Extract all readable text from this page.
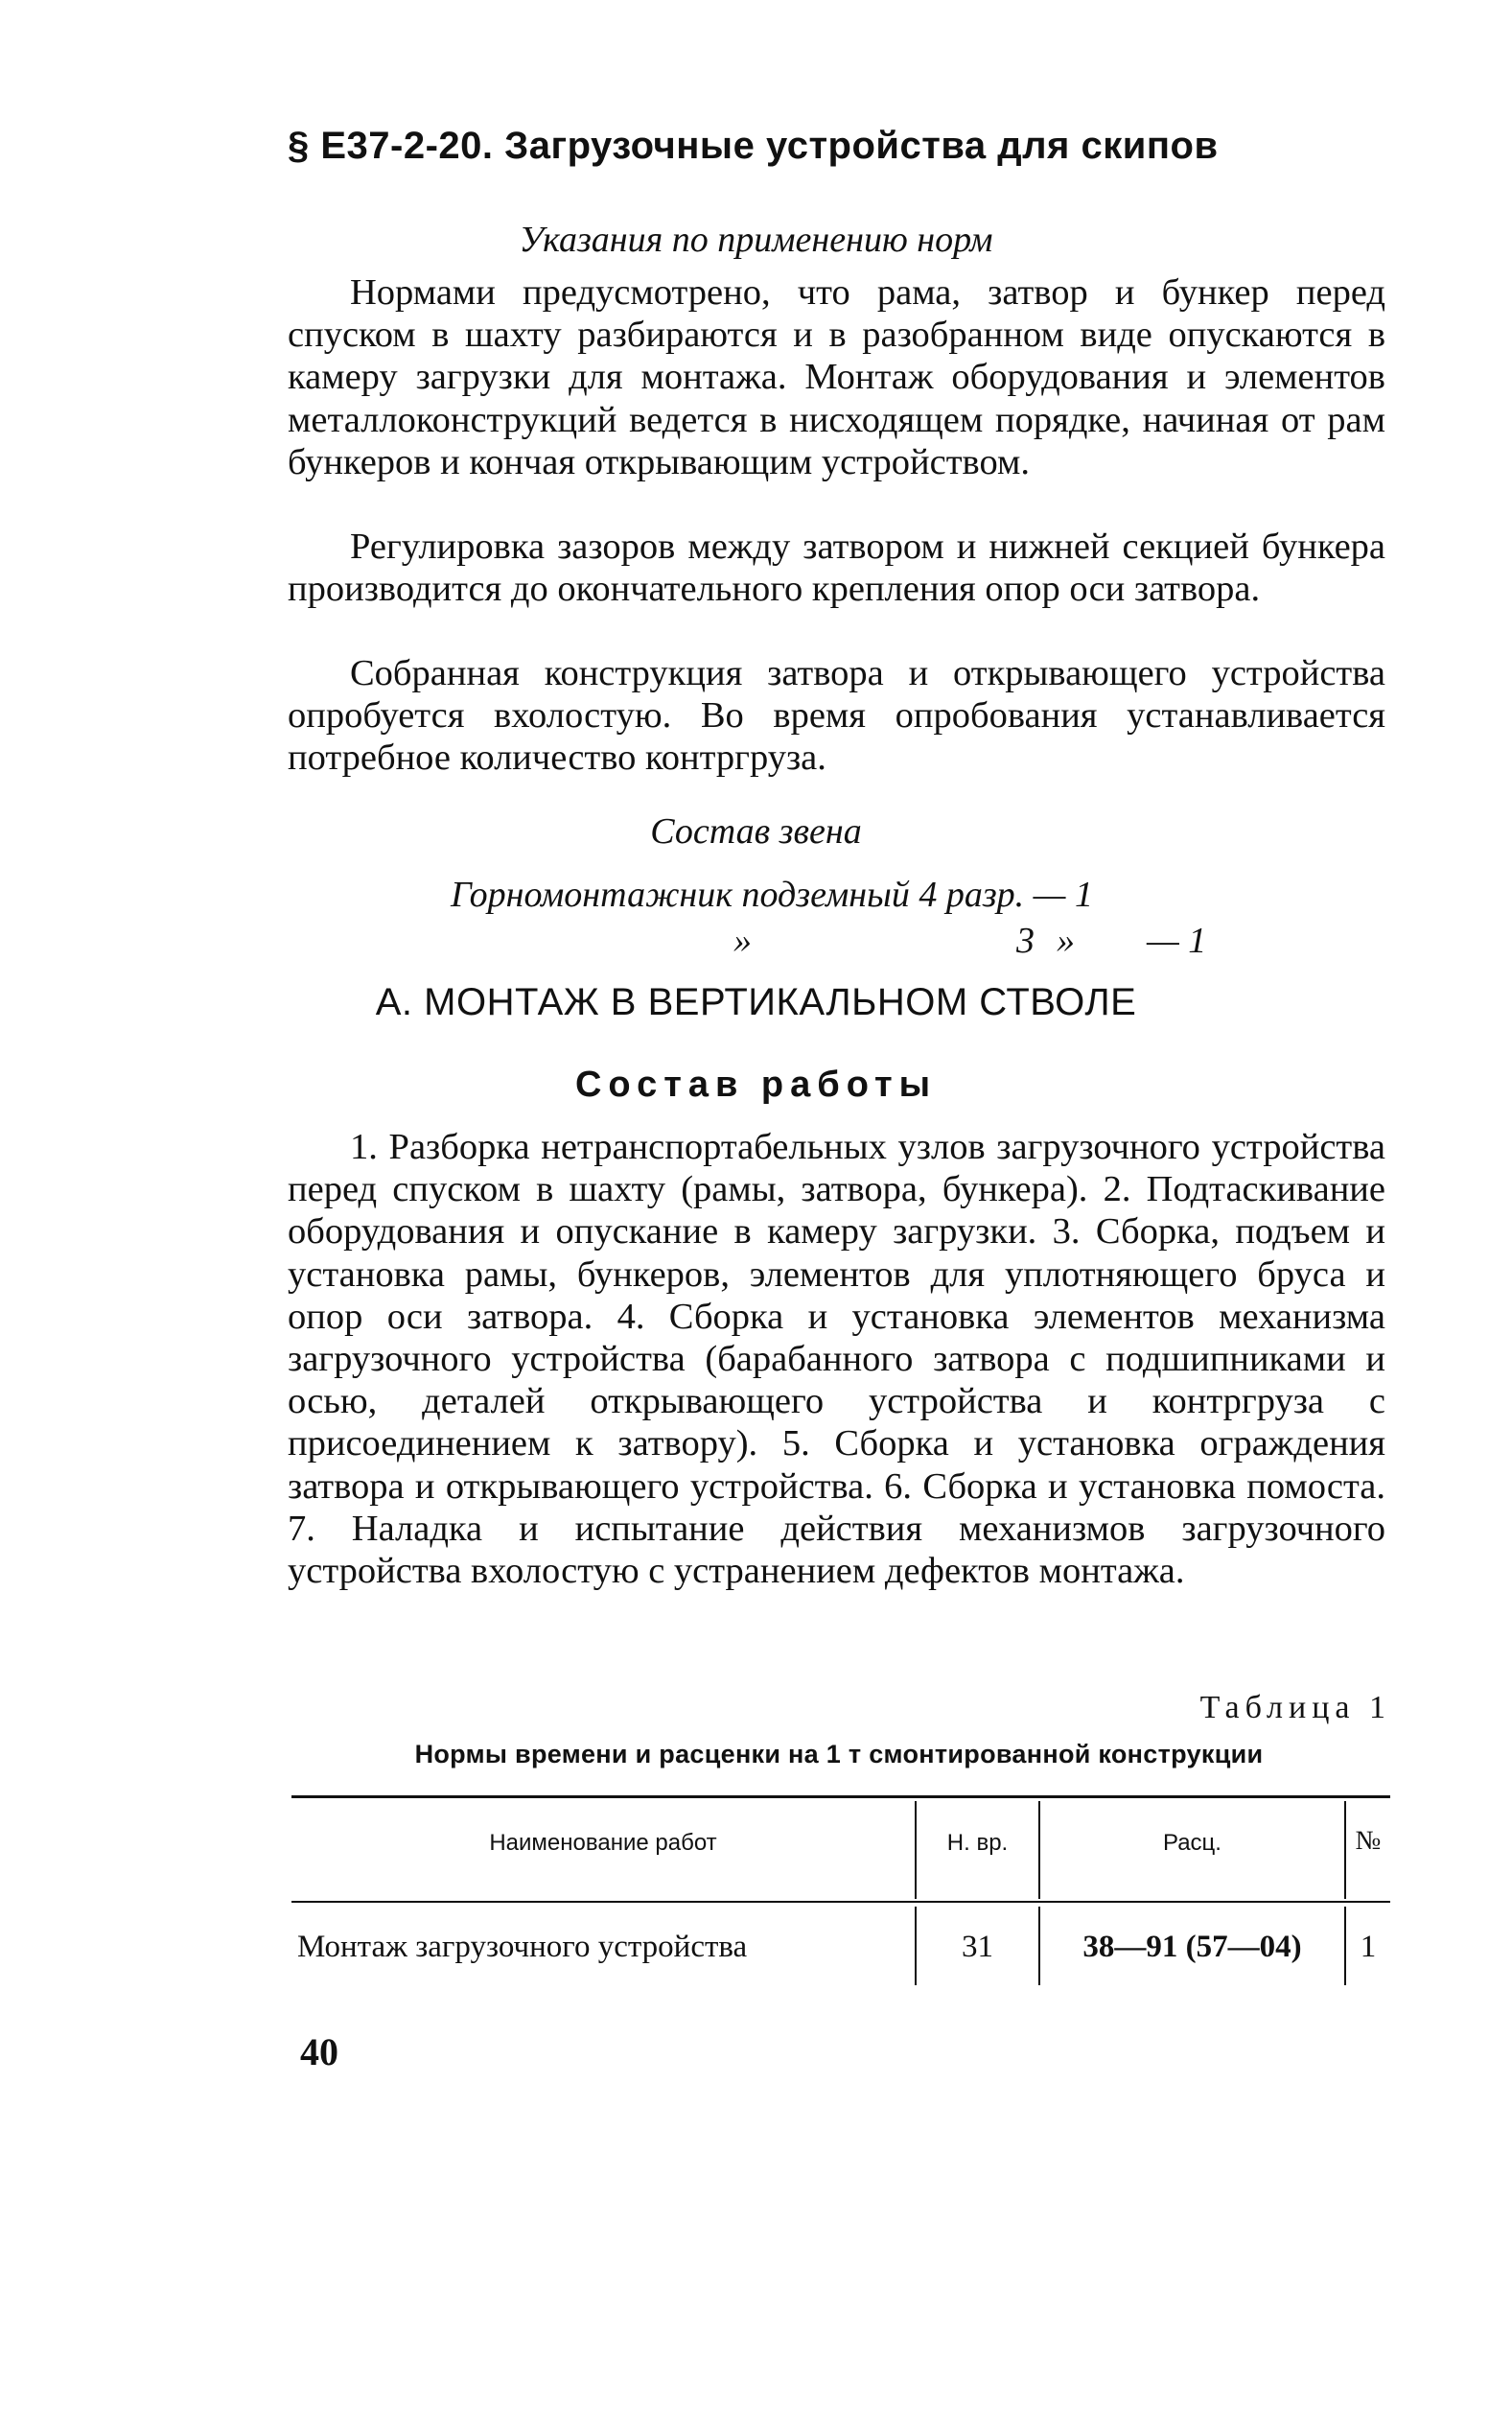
§ Е37-2-20. Загрузочные устройства для скипов
Указания по применению норм
Нормами предусмотрено, что рама, затвор и бункер перед спуском в шахту разбираются и в разобранном виде опускаются в камеру загрузки для монтажа. Монтаж оборудования и элементов металлоконструкций ведется в нисходящем порядке, начиная от рам бункеров и кончая открывающим устройством.
Регулировка зазоров между затвором и нижней секцией бункера производится до окончательного крепления опор оси затвора.
Собранная конструкция затвора и открывающего устройства опробуется вхолостую. Во время опробования устанавливается потребное количество контргруза.
Состав звена
Горномонтажник подземный 4 разр. — 1
»	3 » — 1
А. МОНТАЖ В ВЕРТИКАЛЬНОМ СТВОЛЕ
Состав работы
1. Разборка нетранспортабельных узлов загрузочного устройства перед спуском в шахту (рамы, затвора, бункера). 2. Подтаскивание оборудования и опускание в камеру загрузки. 3. Сборка, подъем и установка рамы, бункеров, элементов для уплотняющего бруса и опор оси затвора. 4. Сборка и установка элементов механизма загрузочного устройства (барабанного затвора с подшипниками и осью, деталей открывающего устройства и контргруза с присоединением к затвору). 5. Сборка и установка ограждения затвора и открывающего устройства. 6. Сборка и установка помоста. 7. Наладка и испытание действия механизмов загрузочного устройства вхолостую с устранением дефектов монтажа.
Таблица 1
Нормы времени и расценки на 1 т смонтированной конструкции
Наименование работ	Н. вр.	Расц.	№
Монтаж загрузочного устройства	31	38—91 (57—04)	1
40
